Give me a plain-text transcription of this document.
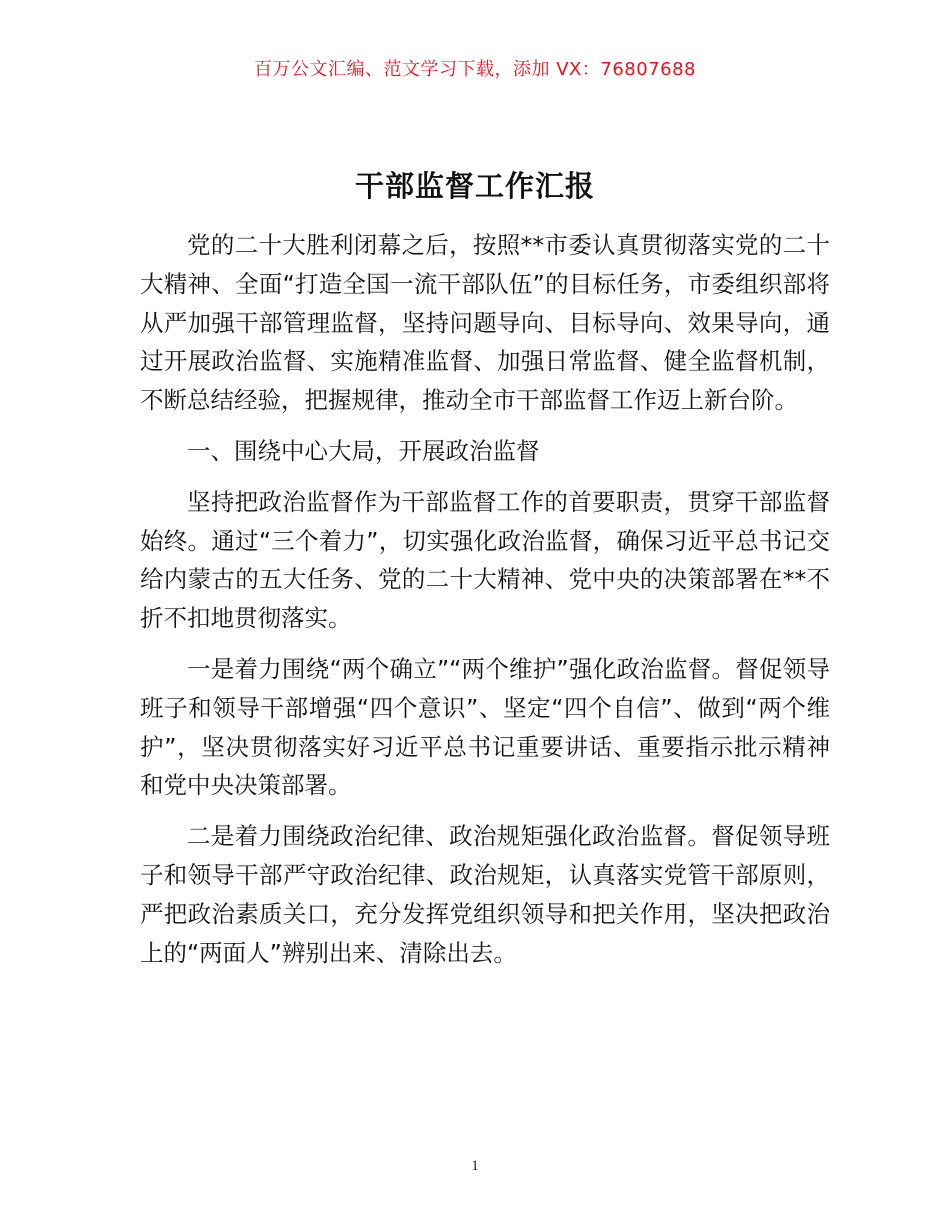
百万公文汇编、范文学习下载，添加 VX：76807688
干部监督工作汇报

党的二十大胜利闭幕之后，按照**市委认真贯彻落实党的二十大精神、全面“打造全国一流干部队伍”的目标任务，市委组织部将从严加强干部管理监督，坚持问题导向、目标导向、效果导向，通过开展政治监督、实施精准监督、加强日常监督、健全监督机制，不断总结经验，把握规律，推动全市干部监督工作迈上新台阶。

一、围绕中心大局，开展政治监督

坚持把政治监督作为干部监督工作的首要职责，贯穿干部监督始终。通过“三个着力”，切实强化政治监督，确保习近平总书记交给内蒙古的五大任务、党的二十大精神、党中央的决策部署在**不折不扣地贯彻落实。

一是着力围绕“两个确立”“两个维护”强化政治监督。督促领导班子和领导干部增强“四个意识”、坚定“四个自信”、做到“两个维护”，坚决贯彻落实好习近平总书记重要讲话、重要指示批示精神和党中央决策部署。

二是着力围绕政治纪律、政治规矩强化政治监督。督促领导班子和领导干部严守政治纪律、政治规矩，认真落实党管干部原则，严把政治素质关口，充分发挥党组织领导和把关作用，坚决把政治上的“两面人”辨别出来、清除出去。

1
